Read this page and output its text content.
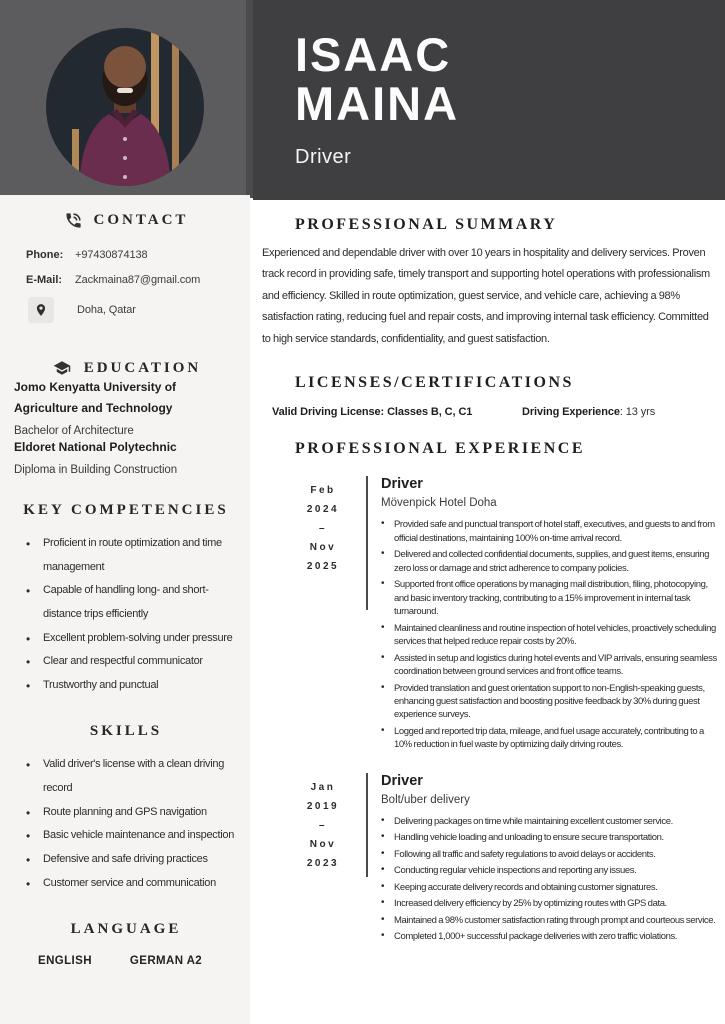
ISAAC
MAINA
Driver
CONTACT
Phone:	+97430874138
E-Mail:	Zackmaina87@gmail.com
Doha, Qatar
EDUCATION
Jomo Kenyatta University of Agriculture and Technology
Bachelor of Architecture
Eldoret National Polytechnic
Diploma in Building Construction
KEY COMPETENCIES
• Proficient in route optimization and time management
• Capable of handling long- and short-distance trips efficiently
• Excellent problem-solving under pressure
• Clear and respectful communicator
• Trustworthy and punctual
SKILLS
• Valid driver's license with a clean driving record
• Route planning and GPS navigation
• Basic vehicle maintenance and inspection
• Defensive and safe driving practices
• Customer service and communication
LANGUAGE
ENGLISH	GERMAN A2
PROFESSIONAL SUMMARY

Experienced and dependable driver with over 10 years in hospitality and delivery services. Proven track record in providing safe, timely transport and supporting hotel operations with professionalism and efficiency. Skilled in route optimization, guest service, and vehicle care, achieving a 98% satisfaction rating, reducing fuel and repair costs, and improving internal task efficiency. Committed to high service standards, confidentiality, and guest satisfaction.

LICENSES/CERTIFICATIONS
Valid Driving License: Classes B, C, C1	Driving Experience: 13 yrs
PROFESSIONAL EXPERIENCE
Feb
2024
–
Nov
2025
Driver
Mövenpick Hotel Doha
• Provided safe and punctual transport of hotel staff, executives, and guests to and from official destinations, maintaining 100% on-time arrival record.
• Delivered and collected confidential documents, supplies, and guest items, ensuring zero loss or damage and strict adherence to company policies.
• Supported front office operations by managing mail distribution, filing, photocopying, and basic inventory tracking, contributing to a 15% improvement in internal task turnaround.
• Maintained cleanliness and routine inspection of hotel vehicles, proactively scheduling services that helped reduce repair costs by 20%.
• Assisted in setup and logistics during hotel events and VIP arrivals, ensuring seamless coordination between ground services and front office teams.
• Provided translation and guest orientation support to non-English-speaking guests, enhancing guest satisfaction and boosting positive feedback by 30% during guest experience surveys.
• Logged and reported trip data, mileage, and fuel usage accurately, contributing to a 10% reduction in fuel waste by optimizing daily driving routes.
Jan
2019
–
Nov
2023
Driver
Bolt/uber delivery
• Delivering packages on time while maintaining excellent customer service.
• Handling vehicle loading and unloading to ensure secure transportation.
• Following all traffic and safety regulations to avoid delays or accidents.
• Conducting regular vehicle inspections and reporting any issues.
• Keeping accurate delivery records and obtaining customer signatures.
• Increased delivery efficiency by 25% by optimizing routes with GPS data.
• Maintained a 98% customer satisfaction rating through prompt and courteous service.
• Completed 1,000+ successful package deliveries with zero traffic violations.
